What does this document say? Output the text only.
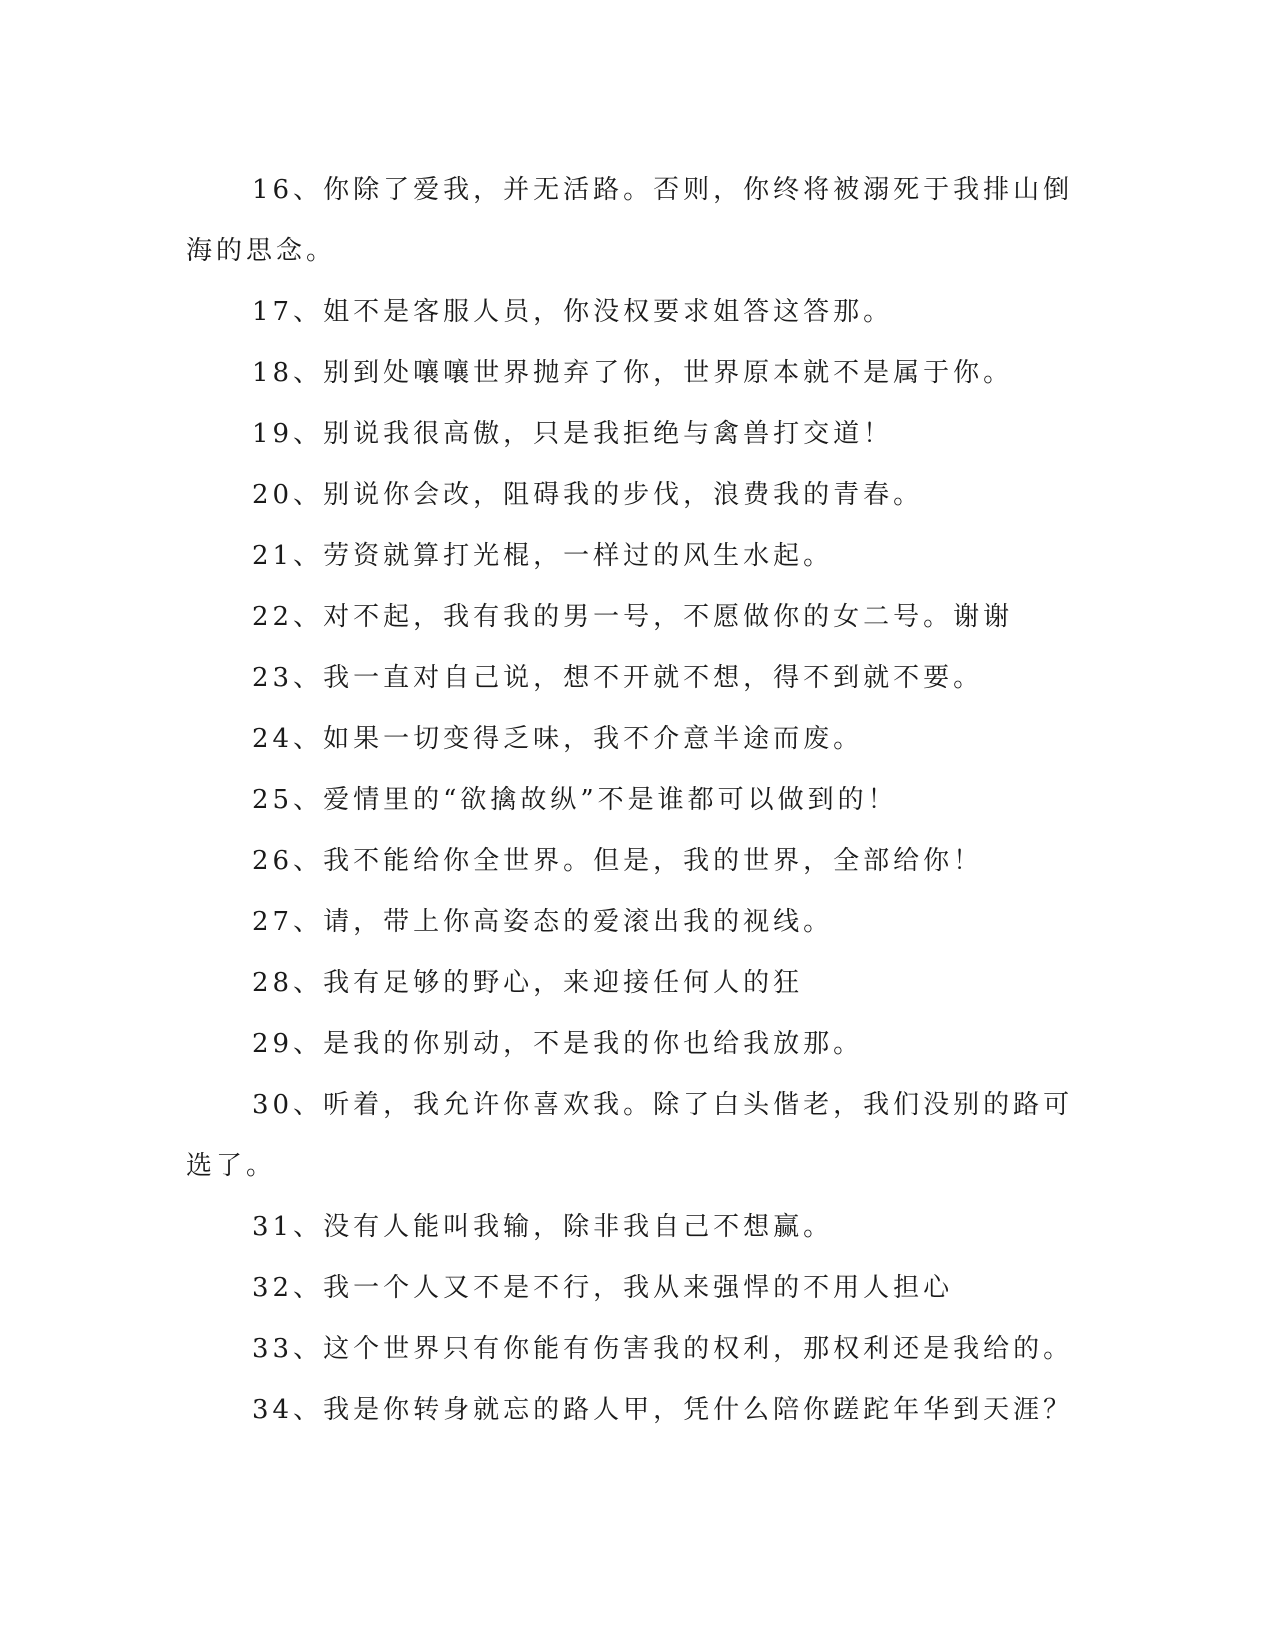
16、你除了爱我，并无活路。否则，你终将被溺死于我排山倒海的思念。

17、姐不是客服人员，你没权要求姐答这答那。

18、别到处嚷嚷世界抛弃了你，世界原本就不是属于你。

19、别说我很高傲，只是我拒绝与禽兽打交道！

20、别说你会改，阻碍我的步伐，浪费我的青春。

21、劳资就算打光棍，一样过的风生水起。

22、对不起，我有我的男一号，不愿做你的女二号。谢谢

23、我一直对自己说，想不开就不想，得不到就不要。

24、如果一切变得乏味，我不介意半途而废。

25、爱情里的“欲擒故纵”不是谁都可以做到的！

26、我不能给你全世界。但是，我的世界，全部给你！

27、请，带上你高姿态的爱滚出我的视线。

28、我有足够的野心，来迎接任何人的狂

29、是我的你别动，不是我的你也给我放那。

30、听着，我允许你喜欢我。除了白头偕老，我们没别的路可选了。

31、没有人能叫我输，除非我自己不想赢。

32、我一个人又不是不行，我从来强悍的不用人担心

33、这个世界只有你能有伤害我的权利，那权利还是我给的。

34、我是你转身就忘的路人甲，凭什么陪你蹉跎年华到天涯？
